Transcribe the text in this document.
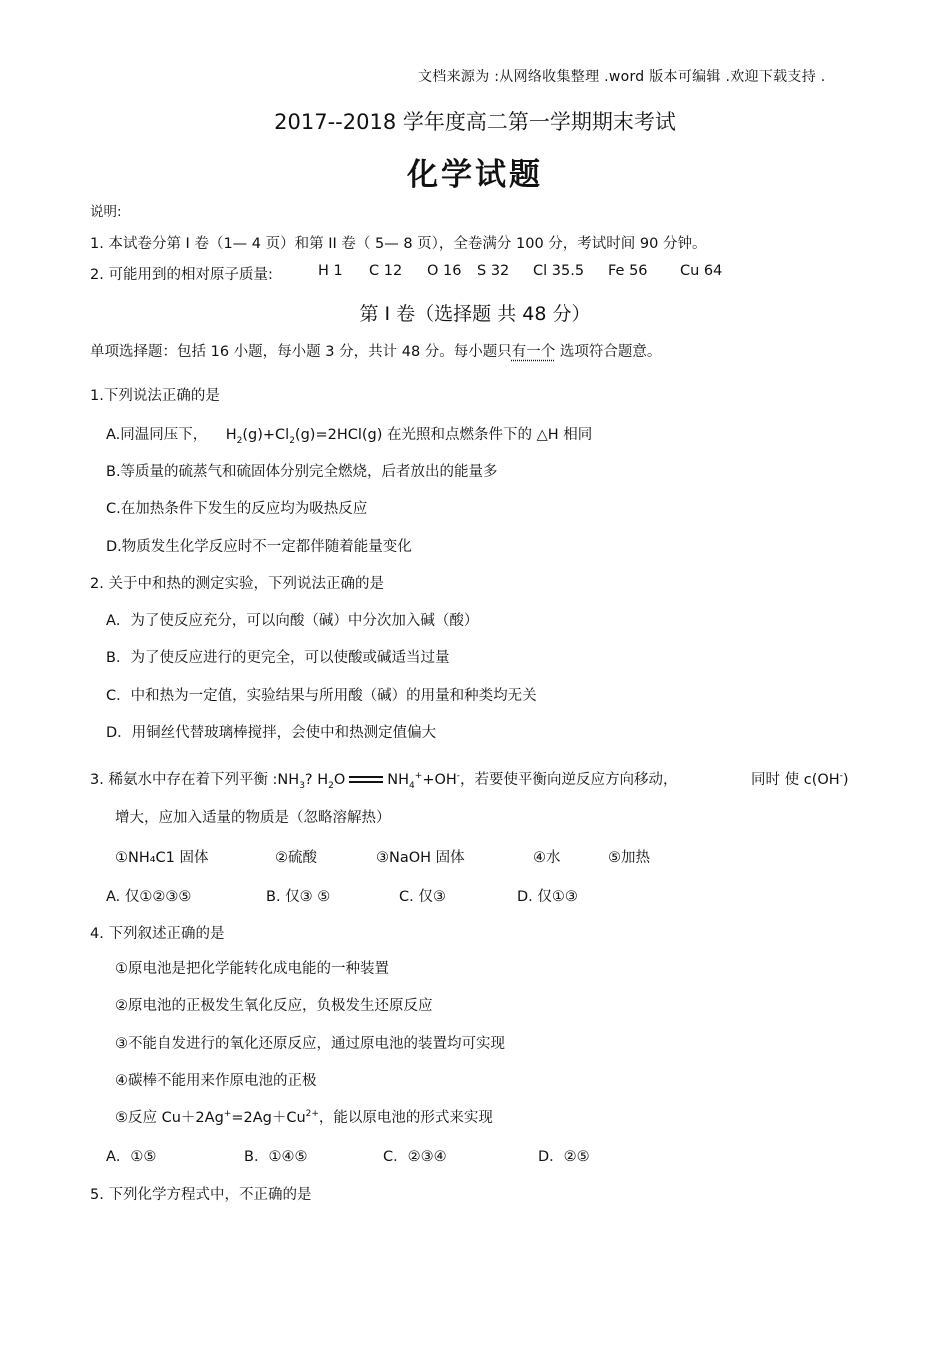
文档来源为 :从网络收集整理 .word 版本可编辑 .欢迎下载支持 .
2017--2018 学年度高二第一学期期末考试
化学试题
说明:
1. 本试卷分第 I 卷（1— 4 页）和第 II 卷（ 5— 8 页），全卷满分 100 分，考试时间 90 分钟。
2. 可能用到的相对原子质量:	H 1 C 12 O 16 S 32 Cl 35.5 Fe 56 Cu 64
第 I 卷（选择题 共 48 分）
单项选择题：包括 16 小题，每小题 3 分，共计 48 分。每小题只有一个 选项符合题意。
1.下列说法正确的是
A.同温同压下， $H_2(g)+Cl_2(g)=2HCl(g)$ 在光照和点燃条件下的 △H 相同
B.等质量的硫蒸气和硫固体分别完全燃烧，后者放出的能量多
C.在加热条件下发生的反应均为吸热反应
D.物质发生化学反应时不一定都伴随着能量变化
2. 关于中和热的测定实验，下列说法正确的是
A．为了使反应充分，可以向酸（碱）中分次加入碱（酸）
B．为了使反应进行的更完全，可以使酸或碱适当过量
C．中和热为一定值，实验结果与所用酸（碱）的用量和种类均无关
D．用铜丝代替玻璃棒搅拌，会使中和热测定值偏大
3. 稀氨水中存在着下列平衡 $:NH_3$? $H_2O$	$NH_4^++OH^-$，若要使平衡向逆反应方向移动，	同时 使 c(OH-)
增大，应加入适量的物质是（忽略溶解热）
①NH₄C1 固体	②硫酸	③NaOH 固体	④水	⑤加热
A. 仅①②③⑤	B. 仅③ ⑤	C. 仅③	D. 仅①③
4. 下列叙述正确的是
①原电池是把化学能转化成电能的一种装置
②原电池的正极发生氧化反应，负极发生还原反应
③不能自发进行的氧化还原反应，通过原电池的装置均可实现
④碳棒不能用来作原电池的正极
⑤反应 $Cu+2Ag^+=2Ag+Cu^{2+}$，能以原电池的形式来实现
A．①⑤	B．①④⑤	C．②③④	D．②⑤
5. 下列化学方程式中，不正确的是
